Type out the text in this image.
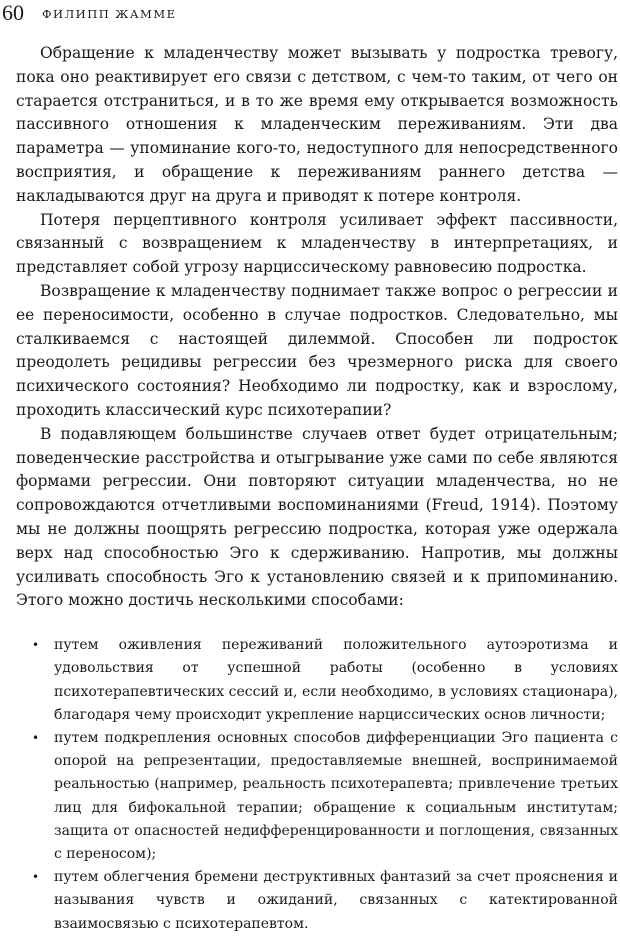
60 ФИЛИПП ЖАММЕ

Обращение к младенчеству может вызывать у подростка тревогу, пока оно реактивирует его связи с детством, с чем-то таким, от чего он старается отстраниться, и в то же время ему открывается возможность пассивного отношения к младенческим переживаниям. Эти два параметра — упоминание кого-то, недоступного для непосредственного восприятия, и обращение к переживаниям раннего детства — накладываются друг на друга и приводят к потере контроля.

Потеря перцептивного контроля усиливает эффект пассивности, связанный с возвращением к младенчеству в интерпретациях, и представляет собой угрозу нарциссическому равновесию подростка.

Возвращение к младенчеству поднимает также вопрос о регрессии и ее переносимости, особенно в случае подростков. Следовательно, мы сталкиваемся с настоящей дилеммой. Способен ли подросток преодолеть рецидивы регрессии без чрезмерного риска для своего психического состояния? Необходимо ли подростку, как и взрослому, проходить классический курс психотерапии?

В подавляющем большинстве случаев ответ будет отрицательным; поведенческие расстройства и отыгрывание уже сами по себе являются формами регрессии. Они повторяют ситуации младенчества, но не сопровождаются отчетливыми воспоминаниями (Freud, 1914). Поэтому мы не должны поощрять регрессию подростка, которая уже одержала верх над способностью Эго к сдерживанию. Напротив, мы должны усиливать способность Эго к установлению связей и к припоминанию. Этого можно достичь несколькими способами:

• путем оживления переживаний положительного аутоэротизма и удовольствия от успешной работы (особенно в условиях психотерапевтических сессий и, если необходимо, в условиях стационара), благодаря чему происходит укрепление нарциссических основ личности;
• путем подкрепления основных способов дифференциации Эго пациента с опорой на репрезентации, предоставляемые внешней, воспринимаемой реальностью (например, реальность психотерапевта; привлечение третьих лиц для бифокальной терапии; обращение к социальным институтам; защита от опасностей недифференцированности и поглощения, связанных с переносом);
• путем облегчения бремени деструктивных фантазий за счет прояснения и называния чувств и ожиданий, связанных с катектированной взаимосвязью с психотерапевтом.
